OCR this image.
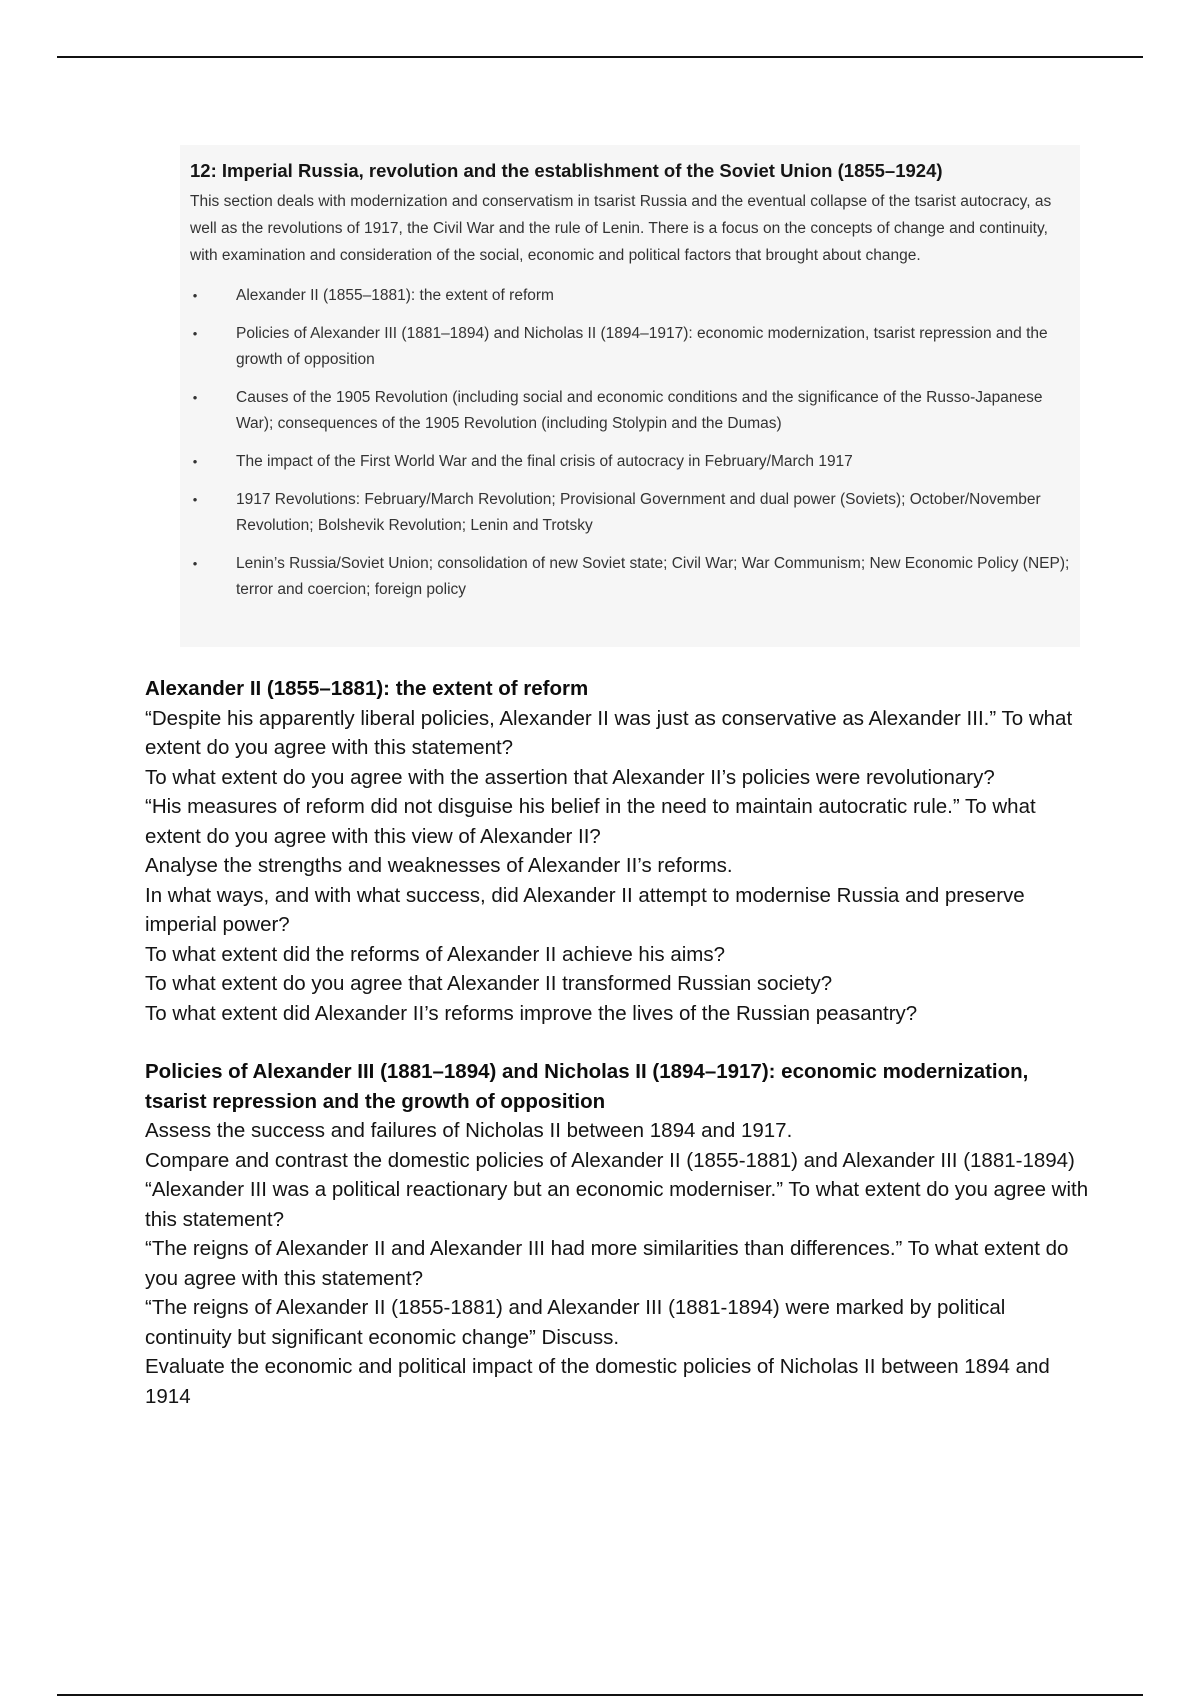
12: Imperial Russia, revolution and the establishment of the Soviet Union (1855–1924)
This section deals with modernization and conservatism in tsarist Russia and the eventual collapse of the tsarist autocracy, as well as the revolutions of 1917, the Civil War and the rule of Lenin. There is a focus on the concepts of change and continuity, with examination and consideration of the social, economic and political factors that brought about change.
• Alexander II (1855–1881): the extent of reform
• Policies of Alexander III (1881–1894) and Nicholas II (1894–1917): economic modernization, tsarist repression and the growth of opposition
• Causes of the 1905 Revolution (including social and economic conditions and the significance of the Russo-Japanese War); consequences of the 1905 Revolution (including Stolypin and the Dumas)
• The impact of the First World War and the final crisis of autocracy in February/March 1917
• 1917 Revolutions: February/March Revolution; Provisional Government and dual power (Soviets); October/November Revolution; Bolshevik Revolution; Lenin and Trotsky
• Lenin’s Russia/Soviet Union; consolidation of new Soviet state; Civil War; War Communism; New Economic Policy (NEP); terror and coercion; foreign policy
Alexander II (1855–1881): the extent of reform

“Despite his apparently liberal policies, Alexander II was just as conservative as Alexander III.” To what extent do you agree with this statement?

To what extent do you agree with the assertion that Alexander II’s policies were revolutionary?

“His measures of reform did not disguise his belief in the need to maintain autocratic rule.” To what extent do you agree with this view of Alexander II?

Analyse the strengths and weaknesses of Alexander II’s reforms.

In what ways, and with what success, did Alexander II attempt to modernise Russia and preserve imperial power?

To what extent did the reforms of Alexander II achieve his aims?

To what extent do you agree that Alexander II transformed Russian society?

To what extent did Alexander II’s reforms improve the lives of the Russian peasantry?

Policies of Alexander III (1881–1894) and Nicholas II (1894–1917): economic modernization, tsarist repression and the growth of opposition

Assess the success and failures of Nicholas II between 1894 and 1917.

Compare and contrast the domestic policies of Alexander II (1855-1881) and Alexander III (1881-1894)

“Alexander III was a political reactionary but an economic moderniser.” To what extent do you agree with this statement?

“The reigns of Alexander II and Alexander III had more similarities than differences.” To what extent do you agree with this statement?

“The reigns of Alexander II (1855-1881) and Alexander III (1881-1894) were marked by political continuity but significant economic change” Discuss.

Evaluate the economic and political impact of the domestic policies of Nicholas II between 1894 and 1914
